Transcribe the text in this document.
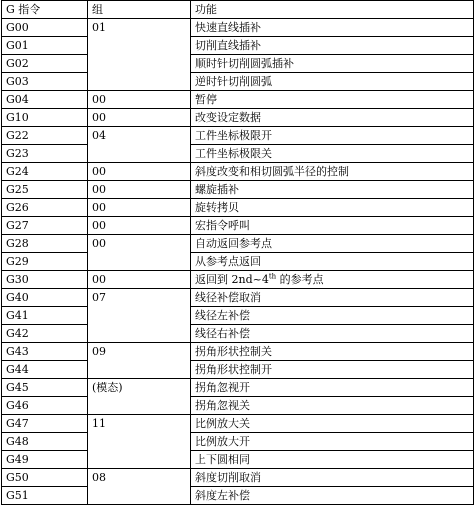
G 指令	组	功能
G00	01	快速直线插补
G01		切削直线插补
G02		顺时针切削圆弧插补
G03		逆时针切削圆弧
G04	00	暂停
G10	00	改变设定数据
G22	04	工件坐标极限开
G23		工件坐标极限关
G24	00	斜度改变和相切圆弧半径的控制
G25	00	螺旋插补
G26	00	旋转拷贝
G27	00	宏指令呼叫
G28	00	自动返回参考点
G29		从参考点返回
G30	00	返回到 2nd~4th 的参考点
G40	07	线径补偿取消
G41		线径左补偿
G42		线径右补偿
G43	09	拐角形状控制关
G44		拐角形状控制开
G45	(模态)	拐角忽视开
G46		拐角忽视关
G47	11	比例放大关
G48		比例放大开
G49		上下圆相同
G50	08	斜度切削取消
G51		斜度左补偿
